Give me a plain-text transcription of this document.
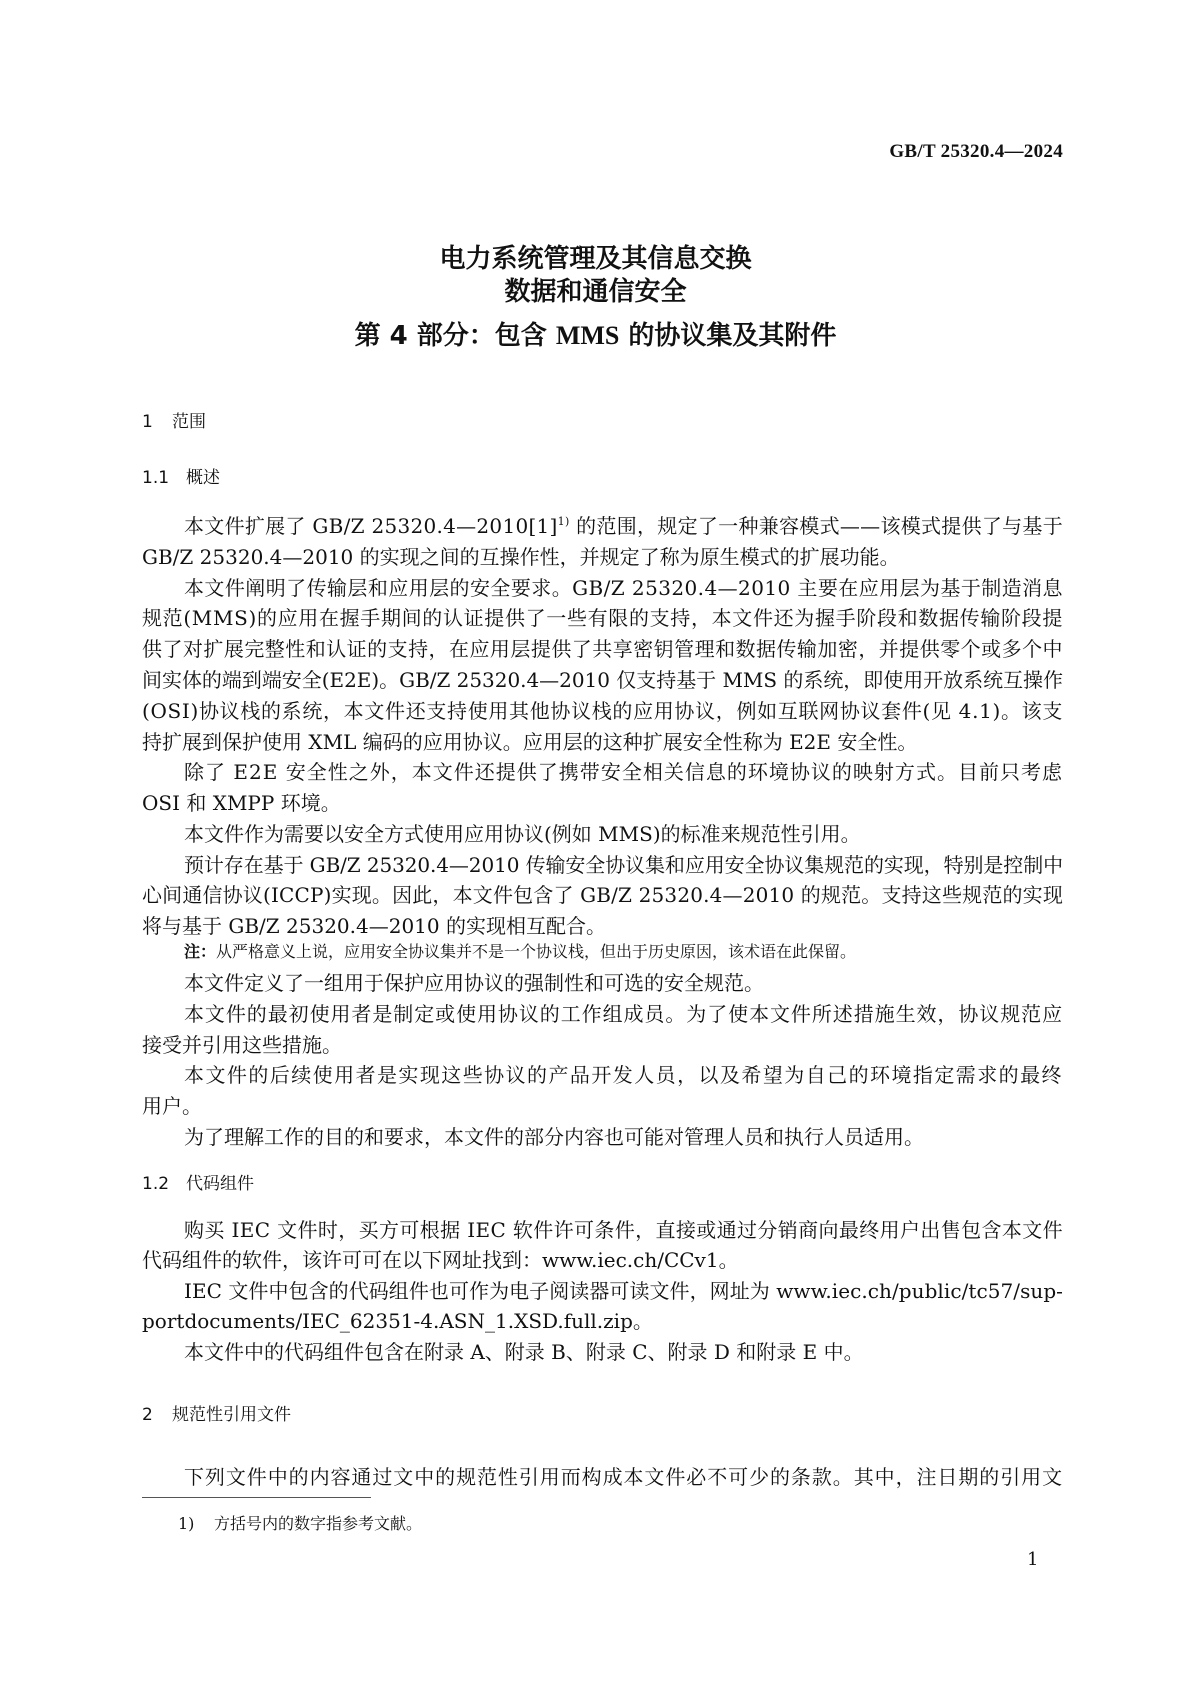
GB/T 25320.4—2024
电力系统管理及其信息交换
数据和通信安全
第 4 部分：包含 MMS 的协议集及其附件
1 范围
1.1 概述
本文件扩展了 GB/Z $25320.4—2010[1]^{1)}$ 的范围，规定了一种兼容模式——该模式提供了与基于
GB/Z 25320.4—2010 的实现之间的互操作性，并规定了称为原生模式的扩展功能。
本文件阐明了传输层和应用层的安全要求。GB/Z 25320.4—2010 主要在应用层为基于制造消息
规范(MMS)的应用在握手期间的认证提供了一些有限的支持，本文件还为握手阶段和数据传输阶段提
供了对扩展完整性和认证的支持，在应用层提供了共享密钥管理和数据传输加密，并提供零个或多个中
间实体的端到端安全(E2E)。GB/Z 25320.4—2010 仅支持基于 MMS 的系统，即使用开放系统互操作
(OSI)协议栈的系统，本文件还支持使用其他协议栈的应用协议，例如互联网协议套件(见 4.1)。该支
持扩展到保护使用 XML 编码的应用协议。应用层的这种扩展安全性称为 E2E 安全性。
除了 E2E 安全性之外，本文件还提供了携带安全相关信息的环境协议的映射方式。目前只考虑
OSI 和 XMPP 环境。
本文件作为需要以安全方式使用应用协议(例如 MMS)的标准来规范性引用。
预计存在基于 GB/Z 25320.4—2010 传输安全协议集和应用安全协议集规范的实现，特别是控制中
心间通信协议(ICCP)实现。因此，本文件包含了 GB/Z 25320.4—2010 的规范。支持这些规范的实现
将与基于 GB/Z 25320.4—2010 的实现相互配合。
注：从严格意义上说，应用安全协议集并不是一个协议栈，但出于历史原因，该术语在此保留。
本文件定义了一组用于保护应用协议的强制性和可选的安全规范。
本文件的最初使用者是制定或使用协议的工作组成员。为了使本文件所述措施生效，协议规范应
接受并引用这些措施。
本文件的后续使用者是实现这些协议的产品开发人员，以及希望为自己的环境指定需求的最终
用户。
为了理解工作的目的和要求，本文件的部分内容也可能对管理人员和执行人员适用。
1.2 代码组件
购买 IEC 文件时，买方可根据 IEC 软件许可条件，直接或通过分销商向最终用户出售包含本文件
代码组件的软件，该许可可在以下网址找到：www.iec.ch/CCv1。
IEC 文件中包含的代码组件也可作为电子阅读器可读文件，网址为 www.iec.ch/public/tc57/sup-
portdocuments/IEC_62351-4.ASN_1.XSD.full.zip。
本文件中的代码组件包含在附录 A、附录 B、附录 C、附录 D 和附录 E 中。
2 规范性引用文件
下列文件中的内容通过文中的规范性引用而构成本文件必不可少的条款。其中，注日期的引用文
1) 方括号内的数字指参考文献。
1
